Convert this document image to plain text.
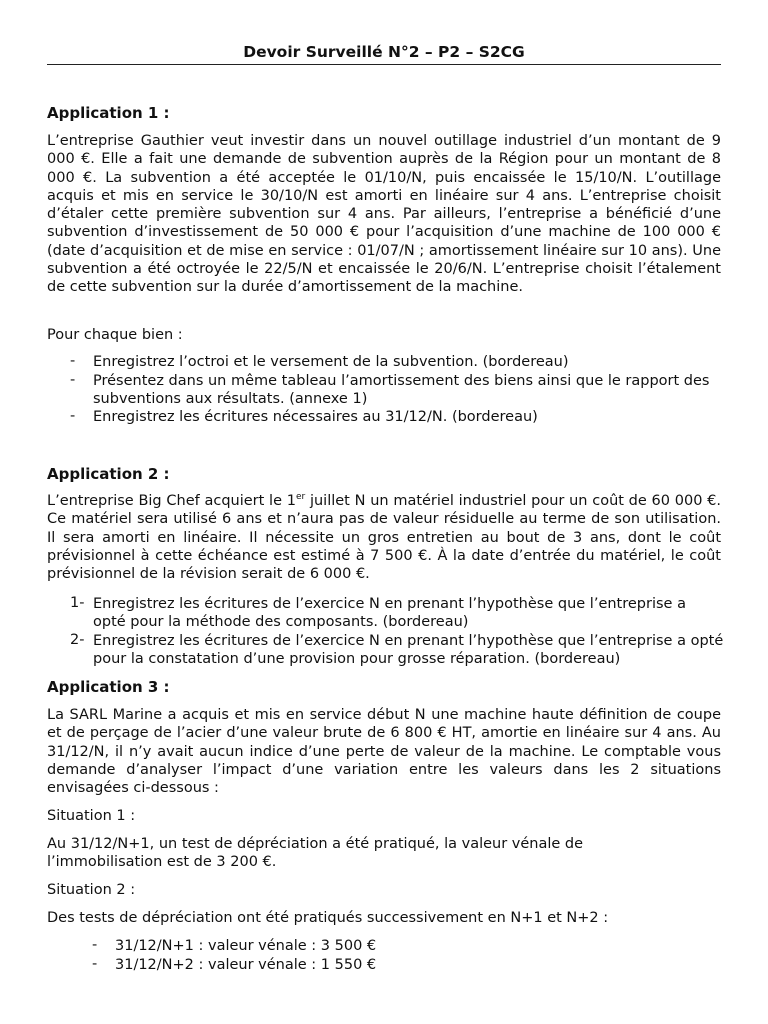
Devoir Surveillé N°2 – P2 – S2CG
Application 1 :
L’entreprise Gauthier veut investir dans un nouvel outillage industriel d’un montant de 9 000 €. Elle a fait une demande de subvention auprès de la Région pour un montant de 8 000 €. La subvention a été acceptée le 01/10/N, puis encaissée le 15/10/N. L’outillage acquis et mis en service le 30/10/N est amorti en linéaire sur 4 ans. L’entreprise choisit d’étaler cette première subvention sur 4 ans. Par ailleurs, l’entreprise a bénéficié d’une subvention d’investissement de 50 000 € pour l’acquisition d’une machine de 100 000 € (date d’acquisition et de mise en service : 01/07/N ; amortissement linéaire sur 10 ans). Une subvention a été octroyée le 22/5/N et encaissée le 20/6/N. L’entreprise choisit l’étalement de cette subvention sur la durée d’amortissement de la machine.
Pour chaque bien :
- Enregistrez l’octroi et le versement de la subvention. (bordereau)
- Présentez dans un même tableau l’amortissement des biens ainsi que le rapport des subventions aux résultats. (annexe 1)
- Enregistrez les écritures nécessaires au 31/12/N. (bordereau)
Application 2 :
L’entreprise Big Chef acquiert le 1er juillet N un matériel industriel pour un coût de 60 000 €. Ce matériel sera utilisé 6 ans et n’aura pas de valeur résiduelle au terme de son utilisation. Il sera amorti en linéaire. Il nécessite un gros entretien au bout de 3 ans, dont le coût prévisionnel à cette échéance est estimé à 7 500 €. À la date d’entrée du matériel, le coût prévisionnel de la révision serait de 6 000 €.
1- Enregistrez les écritures de l’exercice N en prenant l’hypothèse que l’entreprise a opté pour la méthode des composants. (bordereau)
2- Enregistrez les écritures de l’exercice N en prenant l’hypothèse que l’entreprise a opté pour la constatation d’une provision pour grosse réparation. (bordereau)
Application 3 :
La SARL Marine a acquis et mis en service début N une machine haute définition de coupe et de perçage de l’acier d’une valeur brute de 6 800 € HT, amortie en linéaire sur 4 ans. Au 31/12/N, il n’y avait aucun indice d’une perte de valeur de la machine. Le comptable vous demande d’analyser l’impact d’une variation entre les valeurs dans les 2 situations envisagées ci-dessous :
Situation 1 :
Au 31/12/N+1, un test de dépréciation a été pratiqué, la valeur vénale de l’immobilisation est de 3 200 €.
Situation 2 :
Des tests de dépréciation ont été pratiqués successivement en N+1 et N+2 :
- 31/12/N+1 : valeur vénale : 3 500 €
- 31/12/N+2 : valeur vénale : 1 550 €
